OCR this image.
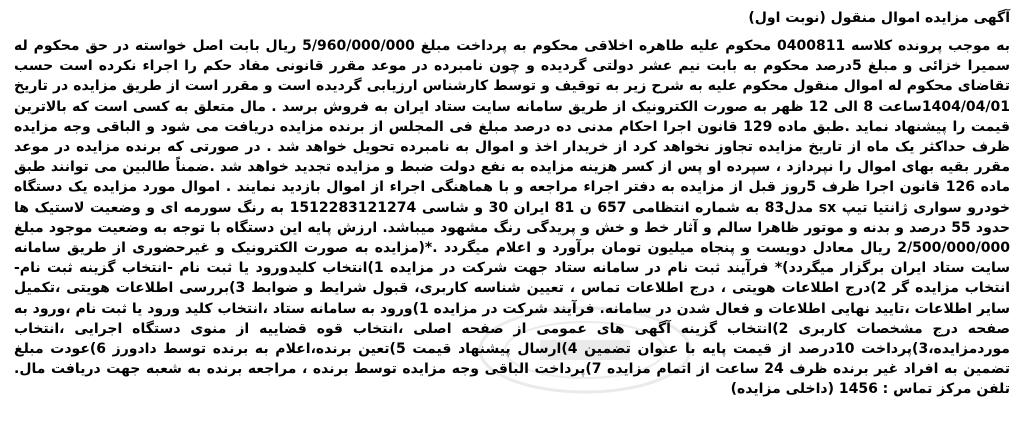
آگهی مزایده اموال منقول (نوبت اول)

به موجب پرونده کلاسه 0400811 محکوم علیه طاهره اخلاقی محکوم به پرداخت مبلغ 5/960/000/000 ریال بابت اصل خواسته در حق محکوم له سمیرا خزائی و مبلغ 5درصد محکوم به بابت نیم عشر دولتی گردیده و چون نامبرده در موعد مقرر قانونی مفاد حکم را اجراء نکرده است حسب تقاضای محکوم له اموال منقول محکوم علیه به شرح زیر به توقیف و توسط کارشناس ارزیابی گردیده است و مقرر است از طریق مزایده در تاریخ 1404/04/01ساعت 8 الی 12 ظهر به صورت الکترونیک از طریق سامانه سایت ستاد ایران به فروش برسد . مال متعلق به کسی است که بالاترین قیمت را پیشنهاد نماید .طبق ماده 129 قانون اجرا احکام مدنی ده درصد مبلغ فی المجلس از برنده مزایده دریافت می شود و الباقی وجه مزایده ظرف حداکثر یک ماه از تاریخ مزایده تجاوز نخواهد کرد از خریدار اخذ و اموال به نامبرده تحویل خواهد شد . در صورتی که برنده مزایده در موعد مقرر بقیه بهای اموال را نپردازد ، سپرده او پس از کسر هزینه مزایده به نفع دولت ضبط و مزایده تجدید خواهد شد .ضمناً طالبین می توانند طبق ماده 126 قانون اجرا ظرف 5روز قبل از مزایده به دفتر اجراء مراجعه و با هماهنگی اجراء از اموال بازدید نمایند . اموال مورد مزایده یک دستگاه خودرو سواری ژانتیا تیپ sx مدل83 به شماره انتظامی 657 ن 81 ایران 30 و شاسی 1512283121274 به رنگ سورمه ای و وضعیت لاستیک ها حدود 55 درصد و بدنه و موتور ظاهرا سالم و آثار خط و خش و پریدگی رنگ مشهود میباشد. ارزش پایه این دستگاه با توجه به وضعیت موجود مبلغ 2/500/000/000 ریال معادل دویست و پنجاه میلیون تومان برآورد و اعلام میگردد .*(مزایده به صورت الکترونیک و غیرحضوری از طریق سامانه سایت ستاد ایران برگزار میگردد)* فرآیند ثبت نام در سامانه ستاد جهت شرکت در مزایده 1)انتخاب کلیدورود یا ثبت نام -انتخاب گزینه ثبت نام-انتخاب مزایده گر 2)درج اطلاعات هویتی ، درج اطلاعات تماس ، تعیین شناسه کاربری، قبول شرایط و ضوابط 3)بررسی اطلاعات هویتی ،تکمیل سایر اطلاعات ،تایید نهایی اطلاعات و فعال شدن در سامانه. فرآیند شرکت در مزایده 1)ورود به سامانه ستاد ،انتخاب کلید ورود یا ثبت نام ،ورود به صفحه درج مشخصات کاربری 2)انتخاب گزینه آگهی های عمومی از صفحه اصلی ،انتخاب قوه قضاییه از منوی دستگاه اجرایی ،انتخاب موردمزایده،3)پرداخت 10درصد از قیمت پایه با عنوان تضمین 4)ارسال پیشنهاد قیمت 5)تعین برنده،اعلام به برنده توسط دادورز 6)عودت مبلغ تضمین به افراد غیر برنده ظرف 24 ساعت از اتمام مزایده 7)پرداخت الباقی وجه مزایده توسط برنده ، مراجعه برنده به شعبه جهت دریافت مال. تلفن مرکز تماس : 1456 (داخلی مزایده)
